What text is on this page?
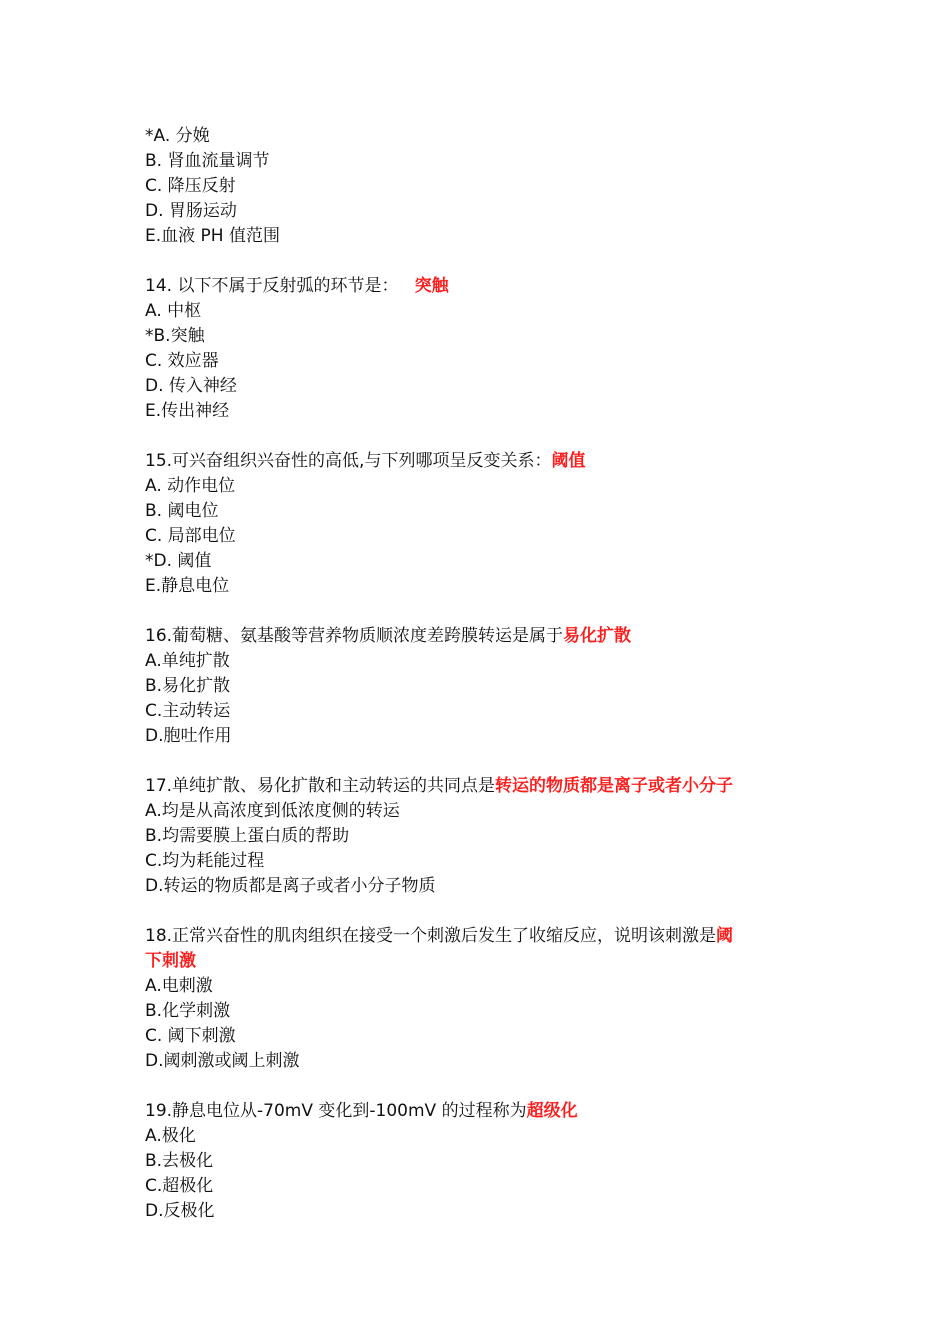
*A. 分娩

B. 肾血流量调节

C. 降压反射

D. 胃肠运动

E.血液 PH 值范围

14. 以下不属于反射弧的环节是： 突触

A. 中枢

*B.突触

C. 效应器

D. 传入神经

E.传出神经

15.可兴奋组织兴奋性的高低,与下列哪项呈反变关系：阈值

A. 动作电位

B. 阈电位

C. 局部电位

*D. 阈值

E.静息电位

16.葡萄糖、氨基酸等营养物质顺浓度差跨膜转运是属于易化扩散

A.单纯扩散

B.易化扩散

C.主动转运

D.胞吐作用

17.单纯扩散、易化扩散和主动转运的共同点是转运的物质都是离子或者小分子

A.均是从高浓度到低浓度侧的转运

B.均需要膜上蛋白质的帮助

C.均为耗能过程

D.转运的物质都是离子或者小分子物质

18.正常兴奋性的肌肉组织在接受一个刺激后发生了收缩反应，说明该刺激是阈

下刺激

A.电刺激

B.化学刺激

C. 阈下刺激

D.阈刺激或阈上刺激

19.静息电位从-70mV 变化到-100mV 的过程称为超级化

A.极化

B.去极化

C.超极化

D.反极化
